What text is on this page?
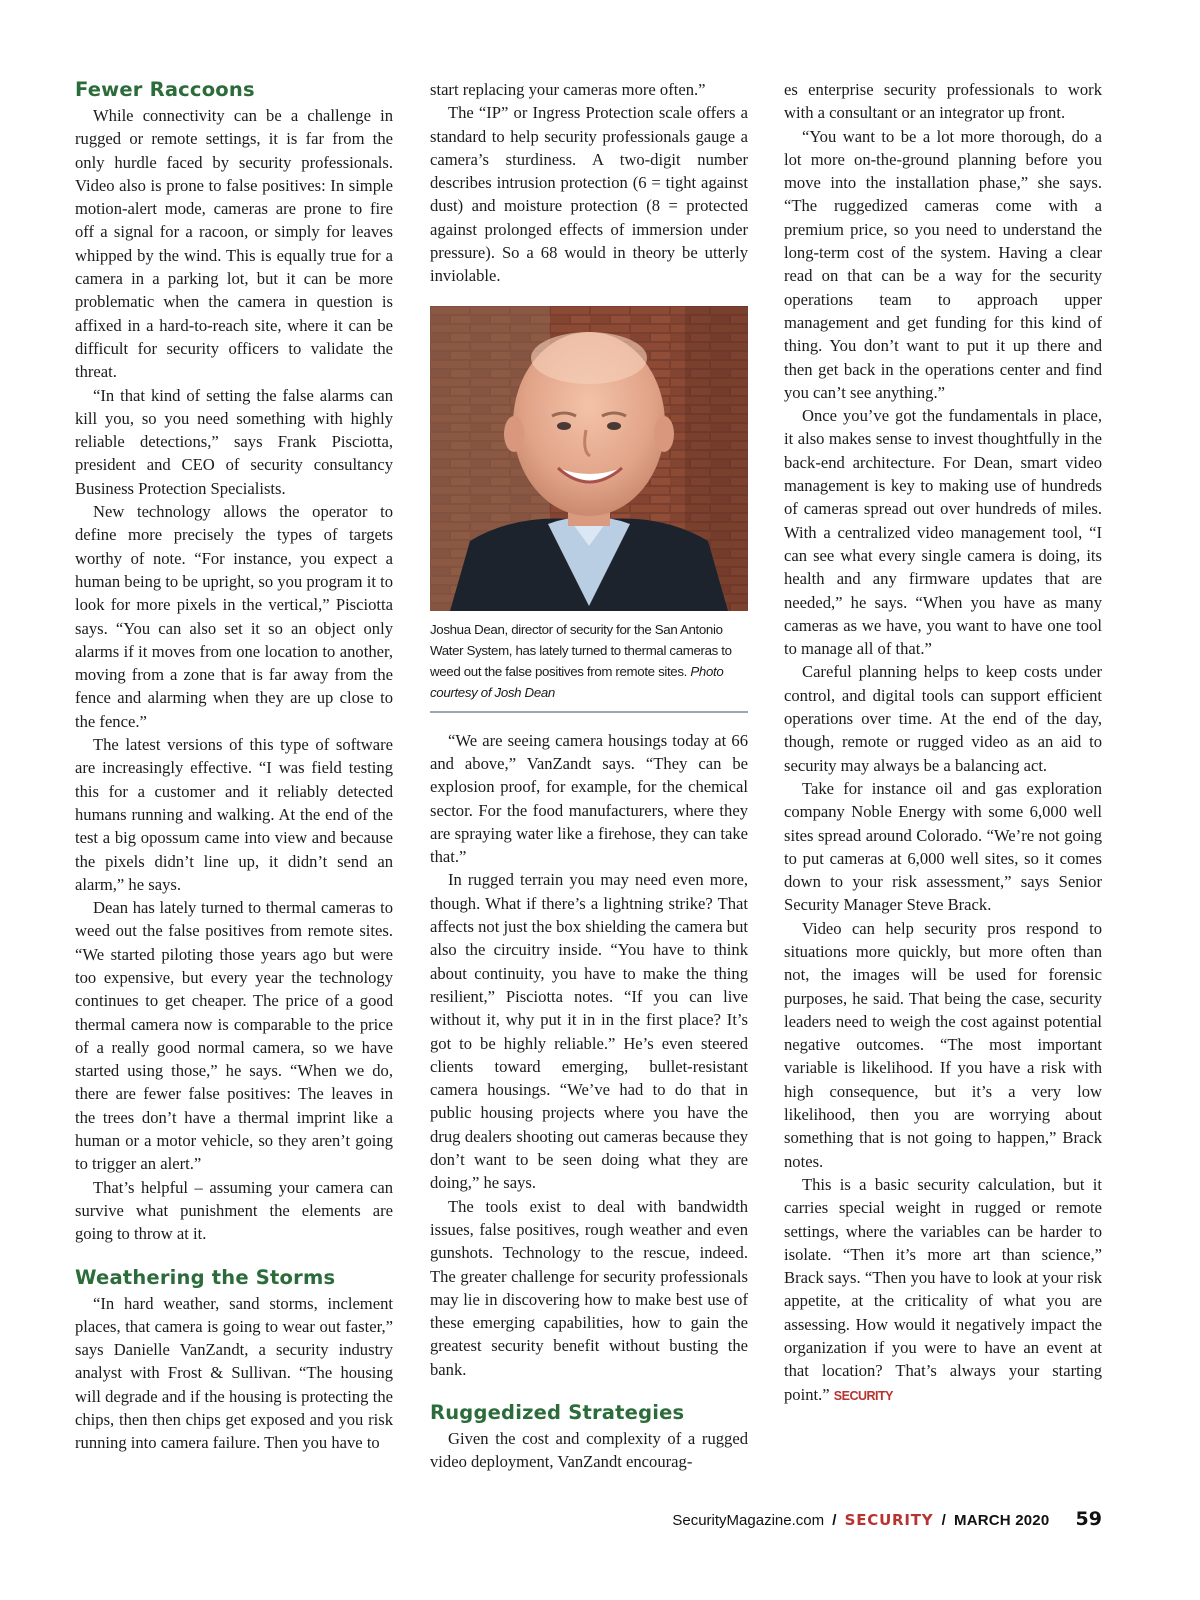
Fewer Raccoons

While connectivity can be a challenge in rugged or remote settings, it is far from the only hurdle faced by security professionals. Video also is prone to false positives: In simple motion-alert mode, cameras are prone to fire off a signal for a racoon, or simply for leaves whipped by the wind. This is equally true for a camera in a parking lot, but it can be more problematic when the camera in question is affixed in a hard-to-reach site, where it can be difficult for security officers to validate the threat.

“In that kind of setting the false alarms can kill you, so you need something with highly reliable detections,” says Frank Pisciotta, president and CEO of security consultancy Business Protection Specialists.

New technology allows the operator to define more precisely the types of targets worthy of note. “For instance, you expect a human being to be upright, so you program it to look for more pixels in the vertical,” Pisciotta says. “You can also set it so an object only alarms if it moves from one location to another, moving from a zone that is far away from the fence and alarming when they are up close to the fence.”

The latest versions of this type of software are increasingly effective. “I was field testing this for a customer and it reliably detected humans running and walking. At the end of the test a big opossum came into view and because the pixels didn’t line up, it didn’t send an alarm,” he says.

Dean has lately turned to thermal cameras to weed out the false positives from remote sites. “We started piloting those years ago but were too expensive, but every year the technology continues to get cheaper. The price of a good thermal camera now is comparable to the price of a really good normal camera, so we have started using those,” he says. “When we do, there are fewer false positives: The leaves in the trees don’t have a thermal imprint like a human or a motor vehicle, so they aren’t going to trigger an alert.”

That’s helpful – assuming your camera can survive what punishment the elements are going to throw at it.

Weathering the Storms

“In hard weather, sand storms, inclement places, that camera is going to wear out faster,” says Danielle VanZandt, a security industry analyst with Frost & Sullivan. “The housing will degrade and if the housing is protecting the chips, then then chips get exposed and you risk running into camera failure. Then you have to

start replacing your cameras more often.”

The “IP” or Ingress Protection scale offers a standard to help security professionals gauge a camera’s sturdiness. A two-digit number describes intrusion protection (6 = tight against dust) and moisture protection (8 = protected against prolonged effects of immersion under pressure). So a 68 would in theory be utterly inviolable.

Joshua Dean, director of security for the San Antonio Water System, has lately turned to thermal cameras to weed out the false positives from remote sites. Photo courtesy of Josh Dean

“We are seeing camera housings today at 66 and above,” VanZandt says. “They can be explosion proof, for example, for the chemical sector. For the food manufacturers, where they are spraying water like a firehose, they can take that.”

In rugged terrain you may need even more, though. What if there’s a lightning strike? That affects not just the box shielding the camera but also the circuitry inside. “You have to think about continuity, you have to make the thing resilient,” Pisciotta notes. “If you can live without it, why put it in in the first place? It’s got to be highly reliable.” He’s even steered clients toward emerging, bullet-resistant camera housings. “We’ve had to do that in public housing projects where you have the drug dealers shooting out cameras because they don’t want to be seen doing what they are doing,” he says.

The tools exist to deal with bandwidth issues, false positives, rough weather and even gunshots. Technology to the rescue, indeed. The greater challenge for security professionals may lie in discovering how to make best use of these emerging capabilities, how to gain the greatest security benefit without busting the bank.

Ruggedized Strategies

Given the cost and complexity of a rugged video deployment, VanZandt encourag-

es enterprise security professionals to work with a consultant or an integrator up front.

“You want to be a lot more thorough, do a lot more on-the-ground planning before you move into the installation phase,” she says. “The ruggedized cameras come with a premium price, so you need to understand the long-term cost of the system. Having a clear read on that can be a way for the security operations team to approach upper management and get funding for this kind of thing. You don’t want to put it up there and then get back in the operations center and find you can’t see anything.”

Once you’ve got the fundamentals in place, it also makes sense to invest thoughtfully in the back-end architecture. For Dean, smart video management is key to making use of hundreds of cameras spread out over hundreds of miles. With a centralized video management tool, “I can see what every single camera is doing, its health and any firmware updates that are needed,” he says. “When you have as many cameras as we have, you want to have one tool to manage all of that.”

Careful planning helps to keep costs under control, and digital tools can support efficient operations over time. At the end of the day, though, remote or rugged video as an aid to security may always be a balancing act.

Take for instance oil and gas exploration company Noble Energy with some 6,000 well sites spread around Colorado. “We’re not going to put cameras at 6,000 well sites, so it comes down to your risk assessment,” says Senior Security Manager Steve Brack.

Video can help security pros respond to situations more quickly, but more often than not, the images will be used for forensic purposes, he said. That being the case, security leaders need to weigh the cost against potential negative outcomes. “The most important variable is likelihood. If you have a risk with high consequence, but it’s a very low likelihood, then you are worrying about something that is not going to happen,” Brack notes.

This is a basic security calculation, but it carries special weight in rugged or remote settings, where the variables can be harder to isolate. “Then it’s more art than science,” Brack says. “Then you have to look at your risk appetite, at the criticality of what you are assessing. How would it negatively impact the organization if you were to have an event at that location? That’s always your starting point.” SECURITY

SecurityMagazine.com / SECURITY / MARCH 2020 59
